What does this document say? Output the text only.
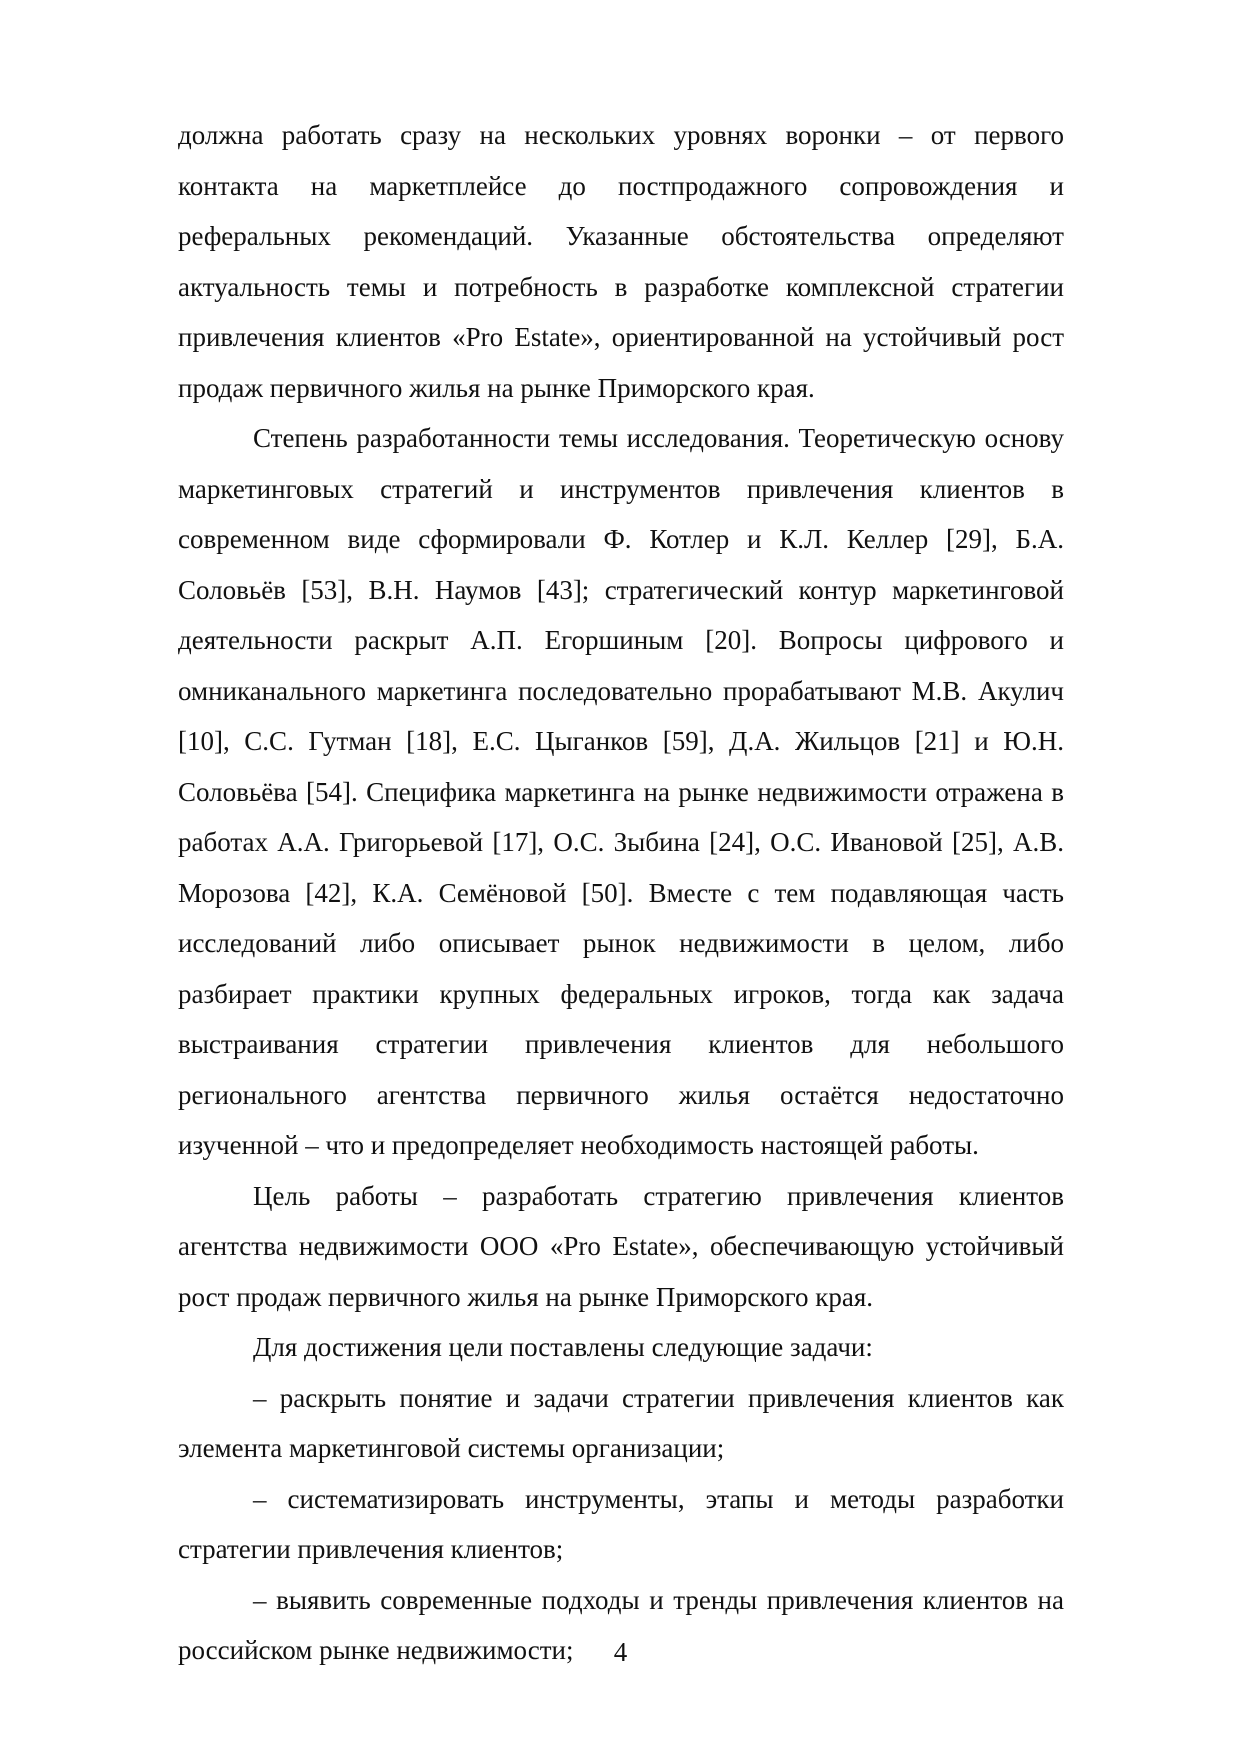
должна работать сразу на нескольких уровнях воронки – от первого контакта на маркетплейсе до постпродажного сопровождения и реферальных рекомендаций. Указанные обстоятельства определяют актуальность темы и потребность в разработке комплексной стратегии привлечения клиентов «Pro Estate», ориентированной на устойчивый рост продаж первичного жилья на рынке Приморского края.

Степень разработанности темы исследования. Теоретическую основу маркетинговых стратегий и инструментов привлечения клиентов в современном виде сформировали Ф. Котлер и К.Л. Келлер [29], Б.А. Соловьёв [53], В.Н. Наумов [43]; стратегический контур маркетинговой деятельности раскрыт А.П. Егоршиным [20]. Вопросы цифрового и омниканального маркетинга последовательно прорабатывают М.В. Акулич [10], С.С. Гутман [18], Е.С. Цыганков [59], Д.А. Жильцов [21] и Ю.Н. Соловьёва [54]. Специфика маркетинга на рынке недвижимости отражена в работах А.А. Григорьевой [17], О.С. Зыбина [24], О.С. Ивановой [25], А.В. Морозова [42], К.А. Семёновой [50]. Вместе с тем подавляющая часть исследований либо описывает рынок недвижимости в целом, либо разбирает практики крупных федеральных игроков, тогда как задача выстраивания стратегии привлечения клиентов для небольшого регионального агентства первичного жилья остаётся недостаточно изученной – что и предопределяет необходимость настоящей работы.

Цель работы – разработать стратегию привлечения клиентов агентства недвижимости ООО «Pro Estate», обеспечивающую устойчивый рост продаж первичного жилья на рынке Приморского края.

Для достижения цели поставлены следующие задачи:

– раскрыть понятие и задачи стратегии привлечения клиентов как элемента маркетинговой системы организации;

– систематизировать инструменты, этапы и методы разработки стратегии привлечения клиентов;

– выявить современные подходы и тренды привлечения клиентов на российском рынке недвижимости;	4
